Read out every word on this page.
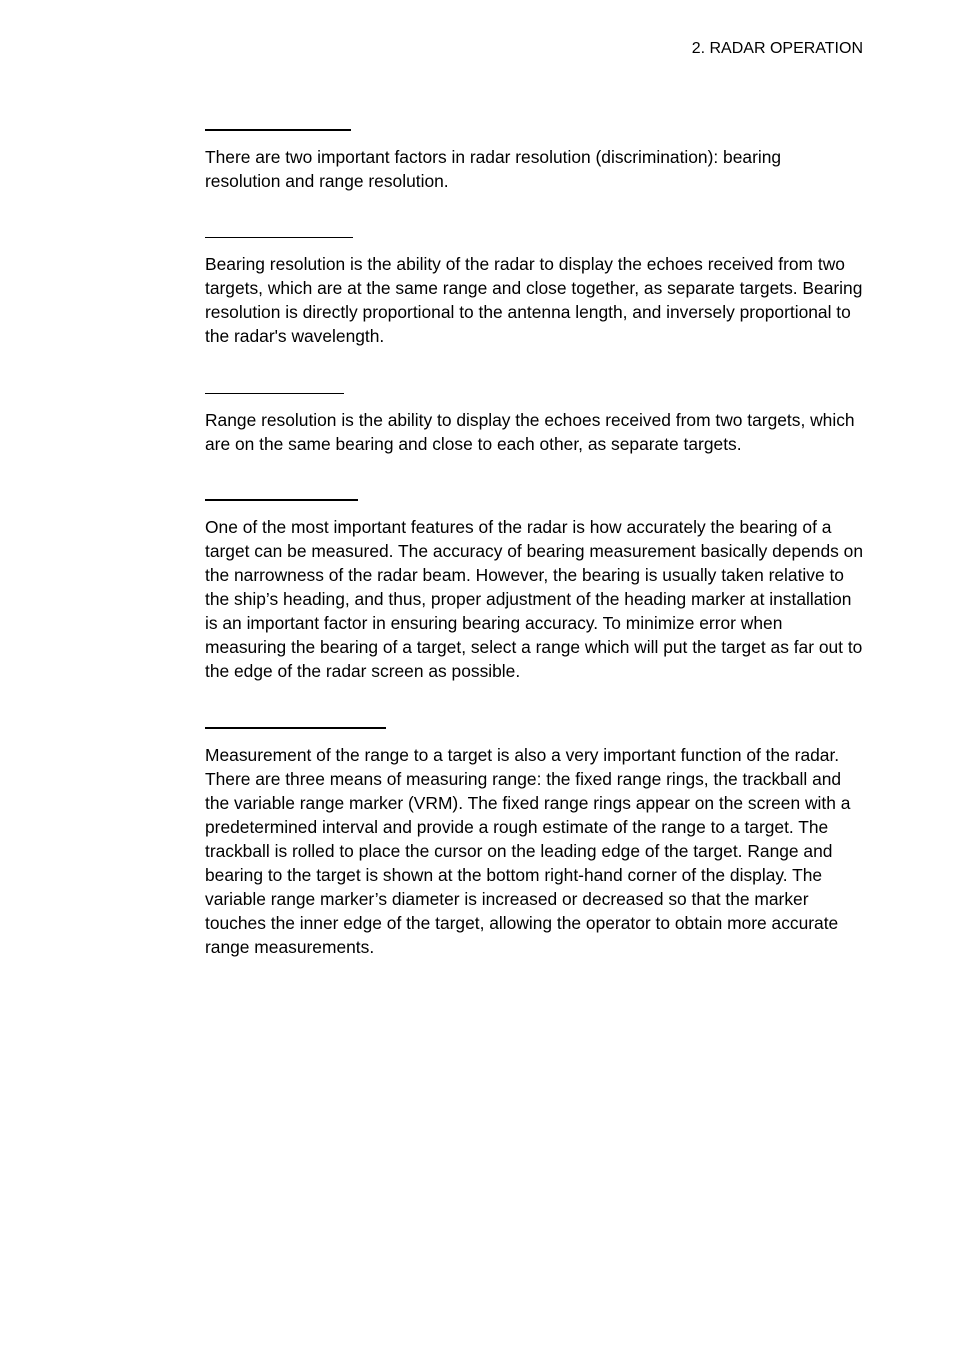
2. RADAR OPERATION

There are two important factors in radar resolution (discrimination): bearing resolution and range resolution.

Bearing resolution is the ability of the radar to display the echoes received from two targets, which are at the same range and close together, as separate targets. Bearing resolution is directly proportional to the antenna length, and inversely proportional to the radar's wavelength.

Range resolution is the ability to display the echoes received from two targets, which are on the same bearing and close to each other, as separate targets.

One of the most important features of the radar is how accurately the bearing of a target can be measured. The accuracy of bearing measurement basically depends on the narrowness of the radar beam. However, the bearing is usually taken relative to the ship’s heading, and thus, proper adjustment of the heading marker at installation is an important factor in ensuring bearing accuracy. To minimize error when measuring the bearing of a target, select a range which will put the target as far out to the edge of the radar screen as possible.

Measurement of the range to a target is also a very important function of the radar. There are three means of measuring range: the fixed range rings, the trackball and the variable range marker (VRM). The fixed range rings appear on the screen with a predetermined interval and provide a rough estimate of the range to a target. The trackball is rolled to place the cursor on the leading edge of the target. Range and bearing to the target is shown at the bottom right-hand corner of the display. The variable range marker’s diameter is increased or decreased so that the marker touches the inner edge of the target, allowing the operator to obtain more accurate range measurements.
